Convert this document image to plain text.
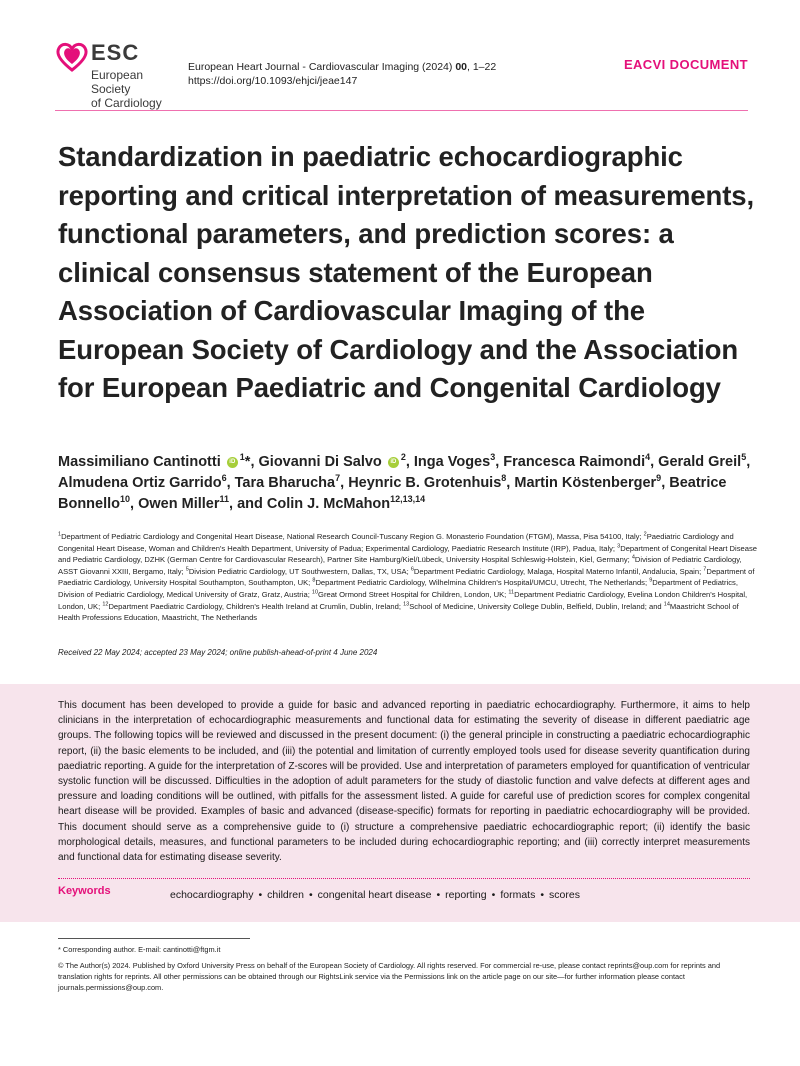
ESC
European Society
of Cardiology
European Heart Journal - Cardiovascular Imaging (2024) 00, 1–22
https://doi.org/10.1093/ehjci/jeae147
EACVI DOCUMENT
Standardization in paediatric echocardiographic reporting and critical interpretation of measurements, functional parameters, and prediction scores: a clinical consensus statement of the European Association of Cardiovascular Imaging of the European Society of Cardiology and the Association for European Paediatric and Congenital Cardiology
Massimiliano Cantinotti iD $^1$*, Giovanni Di Salvo iD $^2$, Inga Voges$^3$, Francesca Raimondi$^4$, Gerald Greil$^5$, Almudena Ortiz Garrido$^6$, Tara Bharucha$^7$, Heynric B. Grotenhuis$^8$, Martin Köstenberger$^9$, Beatrice Bonnello$^{10}$, Owen Miller$^{11}$, and Colin J. McMahon$^{12,13,14}$
$^1$Department of Pediatric Cardiology and Congenital Heart Disease, National Research Council-Tuscany Region G. Monasterio Foundation (FTGM), Massa, Pisa 54100, Italy; $^2$Paediatric Cardiology and Congenital Heart Disease, Woman and Children's Health Department, University of Padua; Experimental Cardiology, Paediatric Research Institute (IRP), Padua, Italy; $^3$Department of Congenital Heart Disease and Pediatric Cardiology, DZHK (German Centre for Cardiovascular Research), Partner Site Hamburg/Kiel/Lübeck, University Hospital Schleswig-Holstein, Kiel, Germany; $^4$Division of Pediatric Cardiology, ASST Giovanni XXIII, Bergamo, Italy; $^5$Division Pediatric Cardiology, UT Southwestern, Dallas, TX, USA; $^6$Department Pediatric Cardiology, Malaga, Hospital Materno Infantil, Andalucia, Spain; $^7$Department of Paediatric Cardiology, University Hospital Southampton, Southampton, UK; $^8$Department Pediatric Cardiology, Wilhelmina Children's Hospital/UMCU, Utrecht, The Netherlands; $^9$Department of Pediatrics, Division of Pediatric Cardiology, Medical University of Gratz, Gratz, Austria; $^{10}$Great Ormond Street Hospital for Children, London, UK; $^{11}$Department Pediatric Cardiology, Evelina London Children's Hospital, London, UK; $^{12}$Department Paediatric Cardiology, Children's Health Ireland at Crumlin, Dublin, Ireland; $^{13}$School of Medicine, University College Dublin, Belfield, Dublin, Ireland; and $^{14}$Maastricht School of Health Professions Education, Maastricht, The Netherlands
Received 22 May 2024; accepted 23 May 2024; online publish-ahead-of-print 4 June 2024

This document has been developed to provide a guide for basic and advanced reporting in paediatric echocardiography. Furthermore, it aims to help clinicians in the interpretation of echocardiographic measurements and functional data for estimating the severity of disease in different paediatric age groups. The following topics will be reviewed and discussed in the present document: (i) the general principle in constructing a paediatric echocardiographic report, (ii) the basic elements to be included, and (iii) the potential and limitation of currently employed tools used for disease severity quantification during paediatric reporting. A guide for the interpretation of Z-scores will be provided. Use and interpretation of parameters employed for quantification of ventricular systolic function will be discussed. Difficulties in the adoption of adult parameters for the study of diastolic function and valve defects at different ages and pressure and loading conditions will be outlined, with pitfalls for the assessment listed. A guide for careful use of prediction scores for complex congenital heart disease will be provided. Examples of basic and advanced (disease-specific) formats for reporting in paediatric echocardiography will be provided. This document should serve as a comprehensive guide to (i) structure a comprehensive paediatric echocardiographic report; (ii) identify the basic morphological details, measures, and functional parameters to be included during echocardiographic reporting; and (iii) correctly interpret measurements and functional data for estimating disease severity.

Keywords	echocardiography • children • congenital heart disease • reporting • formats • scores

* Corresponding author. E-mail: cantinotti@ftgm.it

© The Author(s) 2024. Published by Oxford University Press on behalf of the European Society of Cardiology. All rights reserved. For commercial re-use, please contact reprints@oup.com for reprints and translation rights for reprints. All other permissions can be obtained through our RightsLink service via the Permissions link on the article page on our site—for further information please contact journals.permissions@oup.com.
